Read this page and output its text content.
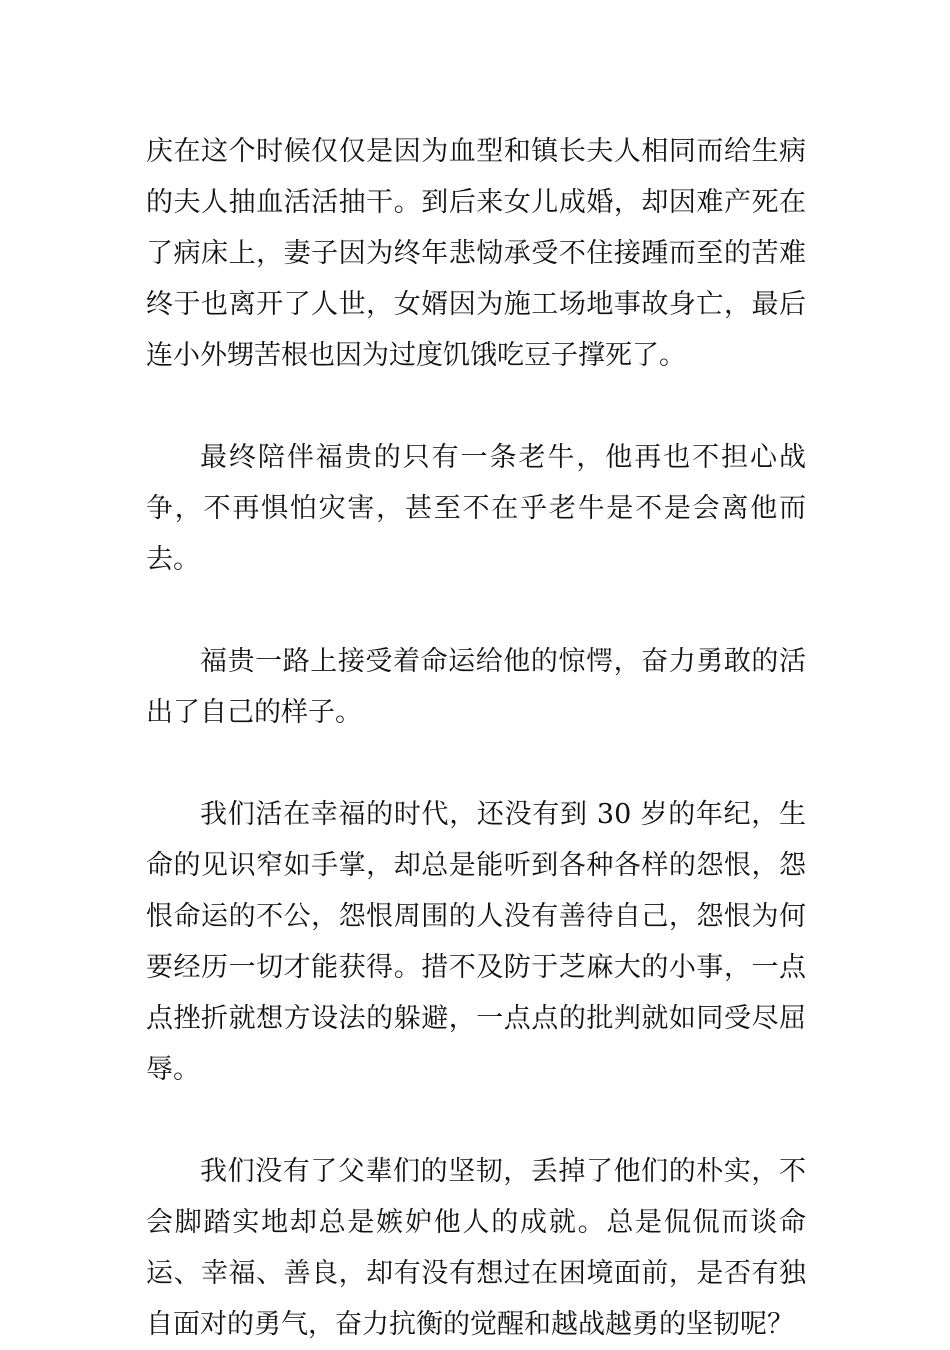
庆在这个时候仅仅是因为血型和镇长夫人相同而给生病的夫人抽血活活抽干。到后来女儿成婚，却因难产死在了病床上，妻子因为终年悲恸承受不住接踵而至的苦难终于也离开了人世，女婿因为施工场地事故身亡，最后连小外甥苦根也因为过度饥饿吃豆子撑死了。

最终陪伴福贵的只有一条老牛，他再也不担心战争，不再惧怕灾害，甚至不在乎老牛是不是会离他而去。

福贵一路上接受着命运给他的惊愕，奋力勇敢的活出了自己的样子。

我们活在幸福的时代，还没有到 30 岁的年纪，生命的见识窄如手掌，却总是能听到各种各样的怨恨，怨恨命运的不公，怨恨周围的人没有善待自己，怨恨为何要经历一切才能获得。措不及防于芝麻大的小事，一点点挫折就想方设法的躲避，一点点的批判就如同受尽屈辱。

我们没有了父辈们的坚韧，丢掉了他们的朴实，不会脚踏实地却总是嫉妒他人的成就。总是侃侃而谈命运、幸福、善良，却有没有想过在困境面前，是否有独自面对的勇气，奋力抗衡的觉醒和越战越勇的坚韧呢？
